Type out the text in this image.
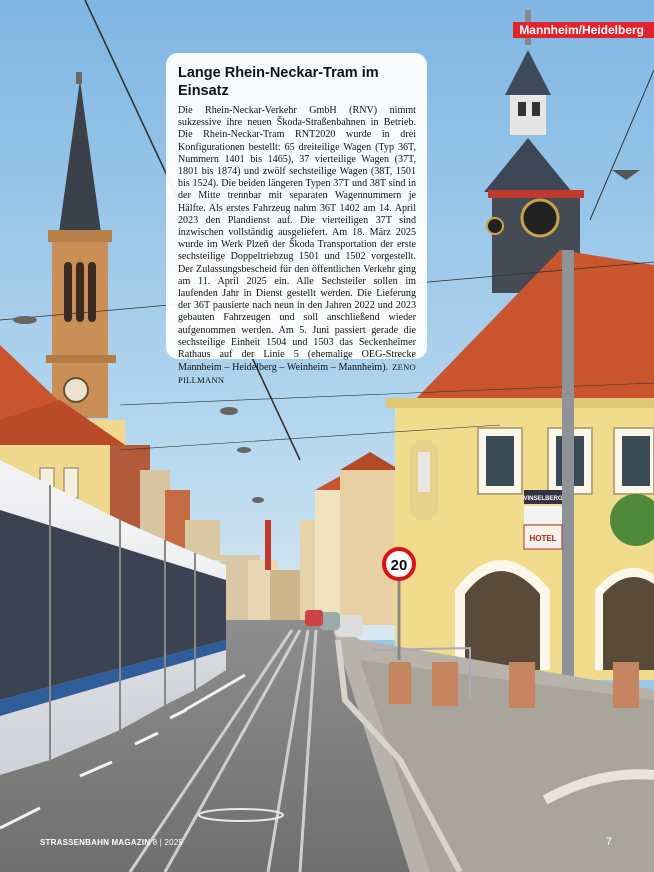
20
VINSELBERG
HOTEL
Mannheim/Heidelberg
Lange Rhein-Neckar-Tram im Einsatz

Die Rhein-Neckar-Verkehr GmbH (RNV) nimmt sukzessive ihre neuen Škoda-Straßenbahnen in Betrieb. Die Rhein-Neckar-Tram RNT2020 wurde in drei Konfigurationen bestellt: 65 dreiteilige Wagen (Typ 36T, Nummern 1401 bis 1465), 37 vierteilige Wagen (37T, 1801 bis 1874) und zwölf sechsteilige Wagen (38T, 1501 bis 1524). Die beiden längeren Typen 37T und 38T sind in der Mitte trennbar mit separaten Wagennummern je Hälfte. Als erstes Fahrzeug nahm 36T 1402 am 14. April 2023 den Plandienst auf. Die vierteiligen 37T sind inzwischen vollständig ausgeliefert. Am 18. März 2025 wurde im Werk Plzeň der Škoda Transportation der erste sechsteilige Doppeltriebzug 1501 und 1502 vorgestellt. Der Zulassungsbescheid für den öffentlichen Verkehr ging am 11. April 2025 ein. Alle Sechsteiler sollen im laufenden Jahr in Dienst gestellt werden. Die Lieferung der 36T pausierte nach neun in den Jahren 2022 und 2023 gebauten Fahrzeugen und soll anschließend wieder aufgenommen werden. Am 5. Juni passiert gerade die sechsteilige Einheit 1504 und 1503 das Seckenheimer Rathaus auf der Linie 5 (ehemalige OEG-Strecke Mannheim – Heidelberg – Weinheim – Mannheim). ZENO PILLMANN

STRASSENBAHN MAGAZIN 8 | 2025	7
